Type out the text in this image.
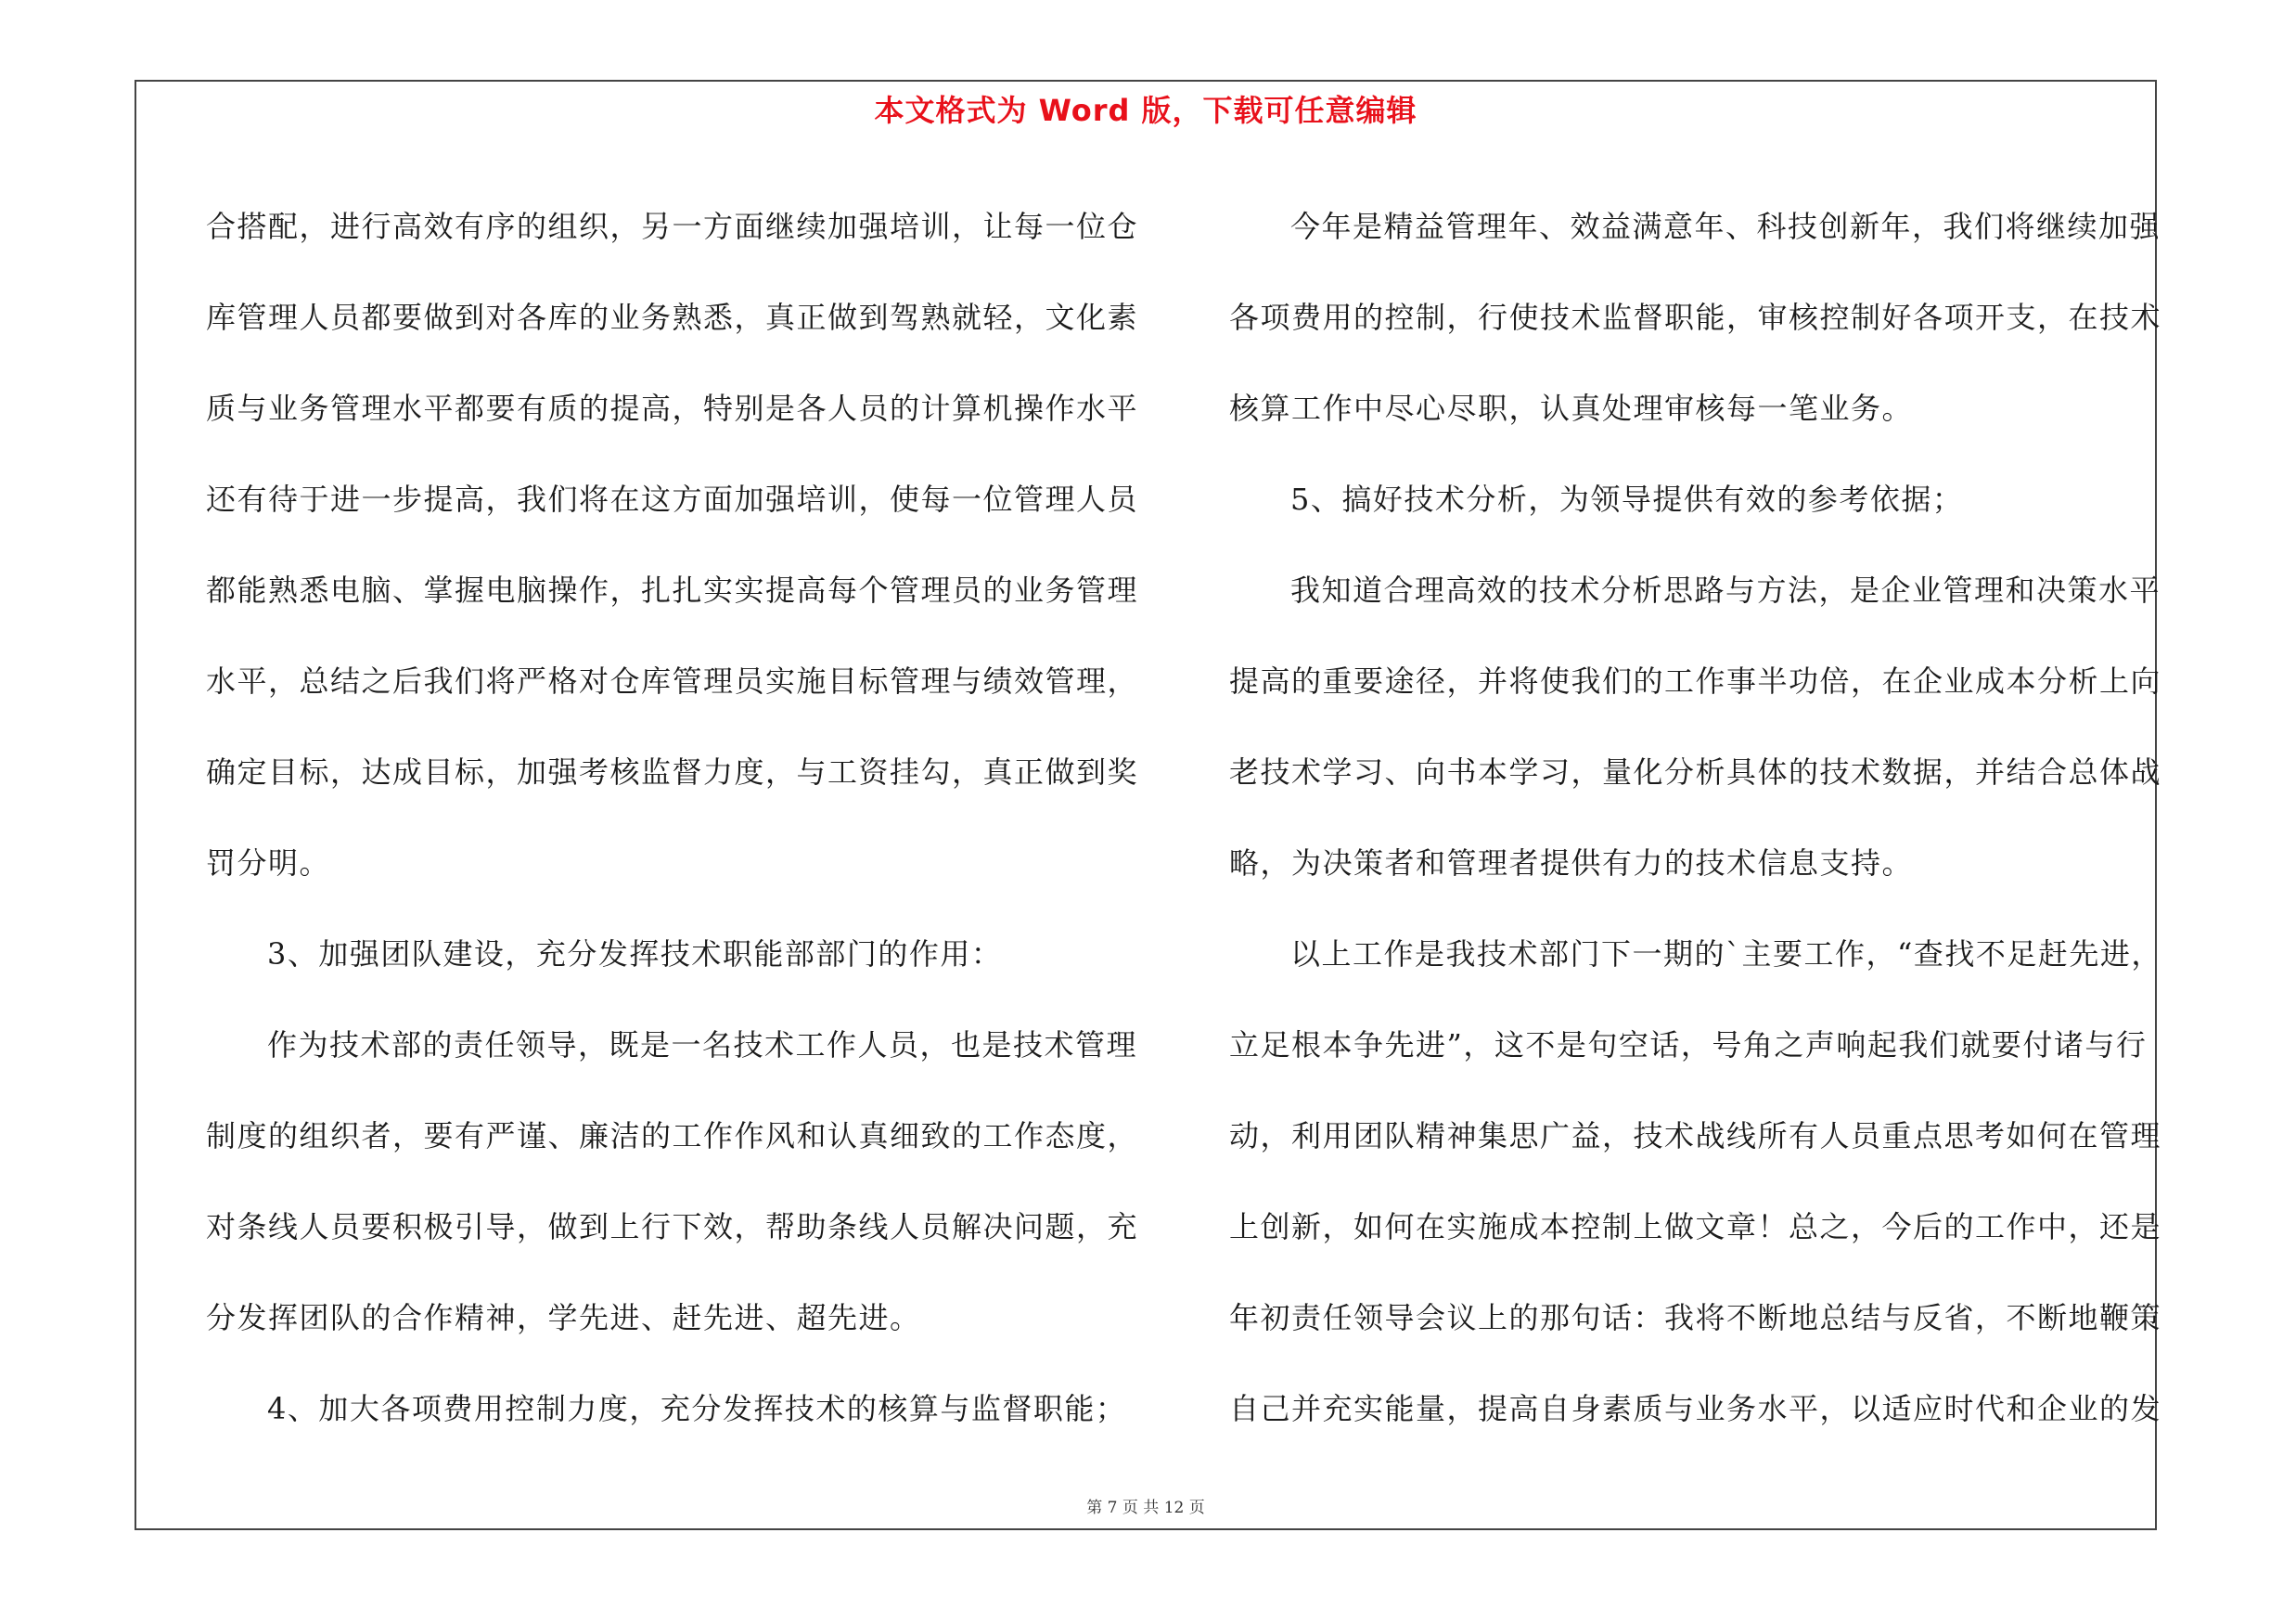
本文格式为 Word 版，下载可任意编辑
合搭配，进行高效有序的组织，另一方面继续加强培训，让每一位仓
库管理人员都要做到对各库的业务熟悉，真正做到驾熟就轻，文化素
质与业务管理水平都要有质的提高，特别是各人员的计算机操作水平
还有待于进一步提高，我们将在这方面加强培训，使每一位管理人员
都能熟悉电脑、掌握电脑操作，扎扎实实提高每个管理员的业务管理
水平，总结之后我们将严格对仓库管理员实施目标管理与绩效管理，
确定目标，达成目标，加强考核监督力度，与工资挂勾，真正做到奖
罚分明。
3、加强团队建设，充分发挥技术职能部部门的作用：
作为技术部的责任领导，既是一名技术工作人员，也是技术管理
制度的组织者，要有严谨、廉洁的工作作风和认真细致的工作态度，
对条线人员要积极引导，做到上行下效，帮助条线人员解决问题，充
分发挥团队的合作精神，学先进、赶先进、超先进。
4、加大各项费用控制力度，充分发挥技术的核算与监督职能；
今年是精益管理年、效益满意年、科技创新年，我们将继续加强
各项费用的控制，行使技术监督职能，审核控制好各项开支，在技术
核算工作中尽心尽职，认真处理审核每一笔业务。
5、搞好技术分析，为领导提供有效的参考依据；
我知道合理高效的技术分析思路与方法，是企业管理和决策水平
提高的重要途径，并将使我们的工作事半功倍，在企业成本分析上向
老技术学习、向书本学习，量化分析具体的技术数据，并结合总体战
略，为决策者和管理者提供有力的技术信息支持。
以上工作是我技术部门下一期的`主要工作，“查找不足赶先进，
立足根本争先进”，这不是句空话，号角之声响起我们就要付诸与行
动，利用团队精神集思广益，技术战线所有人员重点思考如何在管理
上创新，如何在实施成本控制上做文章！总之，今后的工作中，还是
年初责任领导会议上的那句话：我将不断地总结与反省，不断地鞭策
自己并充实能量，提高自身素质与业务水平，以适应时代和企业的发
第 7 页 共 12 页
